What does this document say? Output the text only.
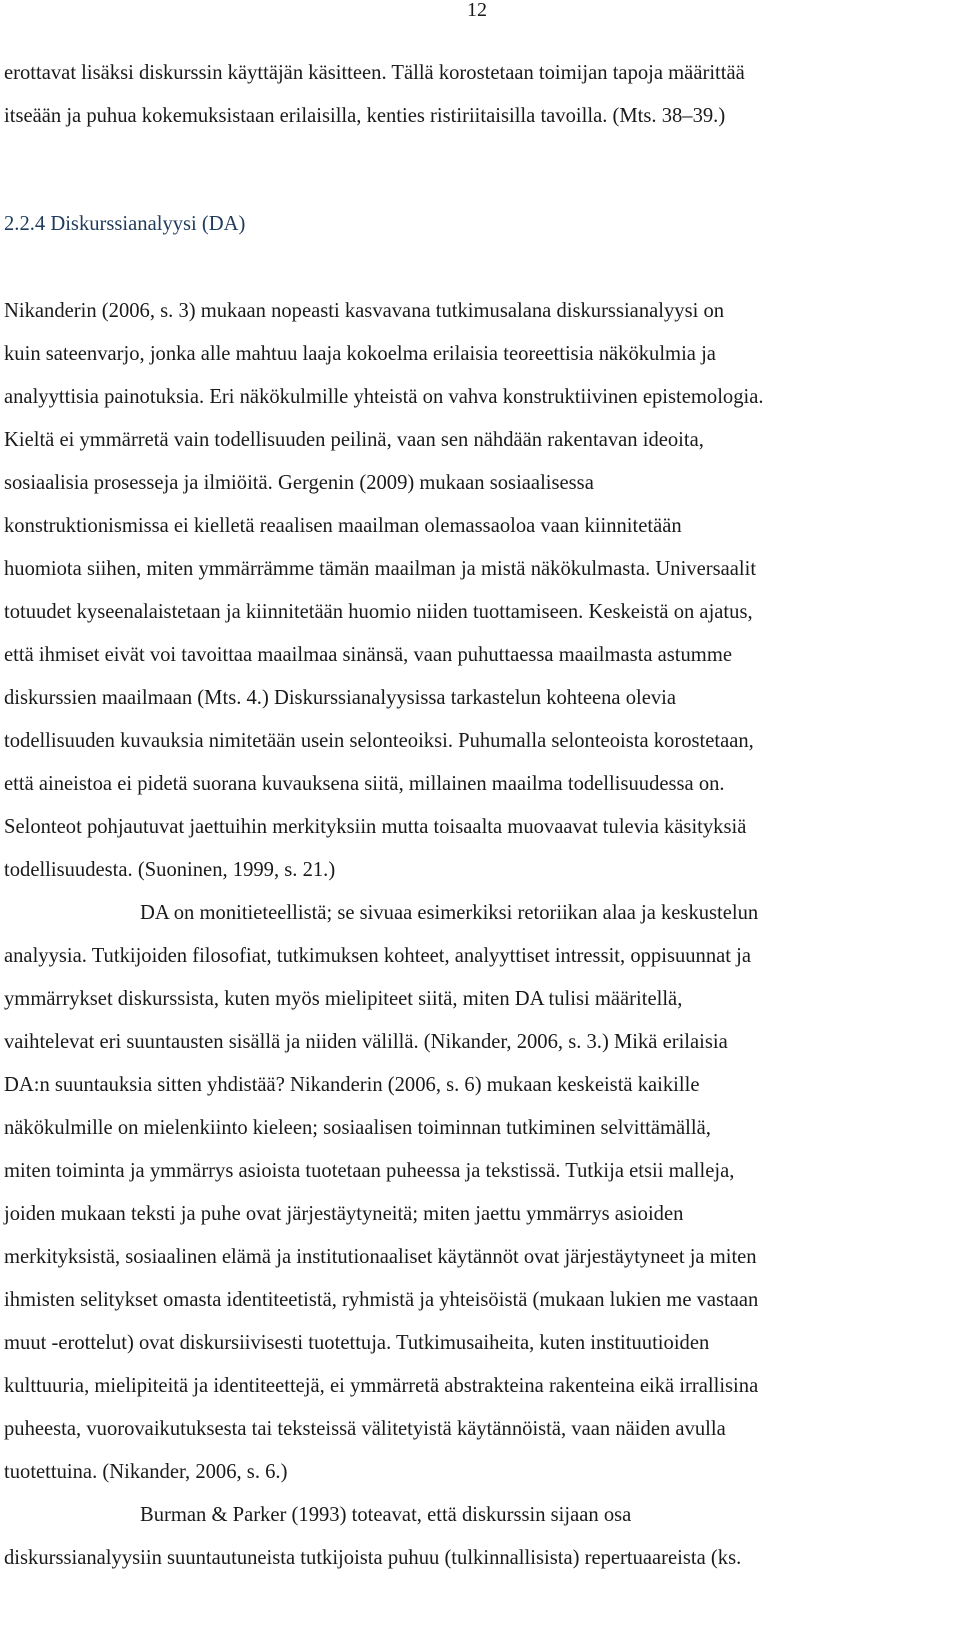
12
erottavat lisäksi diskurssin käyttäjän käsitteen. Tällä korostetaan toimijan tapoja määrittää
itseään ja puhua kokemuksistaan erilaisilla, kenties ristiriitaisilla tavoilla. (Mts. 38–39.)
2.2.4 Diskurssianalyysi (DA)
Nikanderin (2006, s. 3) mukaan nopeasti kasvavana tutkimusalana diskurssianalyysi on
kuin sateenvarjo, jonka alle mahtuu laaja kokoelma erilaisia teoreettisia näkökulmia ja
analyyttisia painotuksia. Eri näkökulmille yhteistä on vahva konstruktiivinen epistemologia.
Kieltä ei ymmärretä vain todellisuuden peilinä, vaan sen nähdään rakentavan ideoita,
sosiaalisia prosesseja ja ilmiöitä. Gergenin (2009) mukaan sosiaalisessa
konstruktionismissa ei kielletä reaalisen maailman olemassaoloa vaan kiinnitetään
huomiota siihen, miten ymmärrämme tämän maailman ja mistä näkökulmasta. Universaalit
totuudet kyseenalaistetaan ja kiinnitetään huomio niiden tuottamiseen. Keskeistä on ajatus,
että ihmiset eivät voi tavoittaa maailmaa sinänsä, vaan puhuttaessa maailmasta astumme
diskurssien maailmaan (Mts. 4.) Diskurssianalyysissa tarkastelun kohteena olevia
todellisuuden kuvauksia nimitetään usein selonteoiksi. Puhumalla selonteoista korostetaan,
että aineistoa ei pidetä suorana kuvauksena siitä, millainen maailma todellisuudessa on.
Selonteot pohjautuvat jaettuihin merkityksiin mutta toisaalta muovaavat tulevia käsityksiä
todellisuudesta. (Suoninen, 1999, s. 21.)
DA on monitieteellistä; se sivuaa esimerkiksi retoriikan alaa ja keskustelun
analyysia. Tutkijoiden filosofiat, tutkimuksen kohteet, analyyttiset intressit, oppisuunnat ja
ymmärrykset diskurssista, kuten myös mielipiteet siitä, miten DA tulisi määritellä,
vaihtelevat eri suuntausten sisällä ja niiden välillä. (Nikander, 2006, s. 3.) Mikä erilaisia
DA:n suuntauksia sitten yhdistää? Nikanderin (2006, s. 6) mukaan keskeistä kaikille
näkökulmille on mielenkiinto kieleen; sosiaalisen toiminnan tutkiminen selvittämällä,
miten toiminta ja ymmärrys asioista tuotetaan puheessa ja tekstissä. Tutkija etsii malleja,
joiden mukaan teksti ja puhe ovat järjestäytyneitä; miten jaettu ymmärrys asioiden
merkityksistä, sosiaalinen elämä ja institutionaaliset käytännöt ovat järjestäytyneet ja miten
ihmisten selitykset omasta identiteetistä, ryhmistä ja yhteisöistä (mukaan lukien me vastaan
muut -erottelut) ovat diskursiivisesti tuotettuja. Tutkimusaiheita, kuten instituutioiden
kulttuuria, mielipiteitä ja identiteettejä, ei ymmärretä abstrakteina rakenteina eikä irrallisina
puheesta, vuorovaikutuksesta tai teksteissä välitetyistä käytännöistä, vaan näiden avulla
tuotettuina. (Nikander, 2006, s. 6.)
Burman & Parker (1993) toteavat, että diskurssin sijaan osa
diskurssianalyysiin suuntautuneista tutkijoista puhuu (tulkinnallisista) repertuaareista (ks.
